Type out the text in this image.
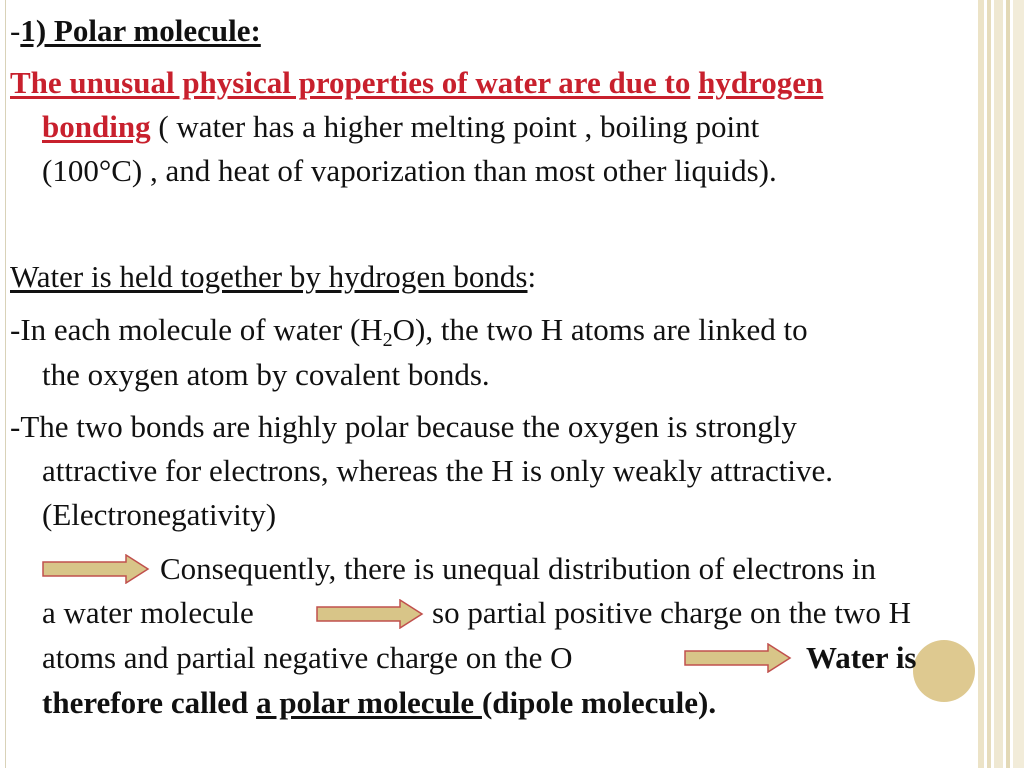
-1) Polar molecule:
The unusual physical properties of water are due to hydrogen
bonding ( water has a higher melting point , boiling point
(100°C) , and heat of vaporization than most other liquids).
Water is held together by hydrogen bonds:
-In each molecule of water $(H_2O)$, the two H atoms are linked to
the oxygen atom by covalent bonds.
-The two bonds are highly polar because the oxygen is strongly
attractive for electrons, whereas the H is only weakly attractive.
(Electronegativity)
Consequently, there is unequal distribution of electrons in
a water molecule	so partial positive charge on the two H
atoms and partial negative charge on the O	Water is
therefore called a polar molecule (dipole molecule).
